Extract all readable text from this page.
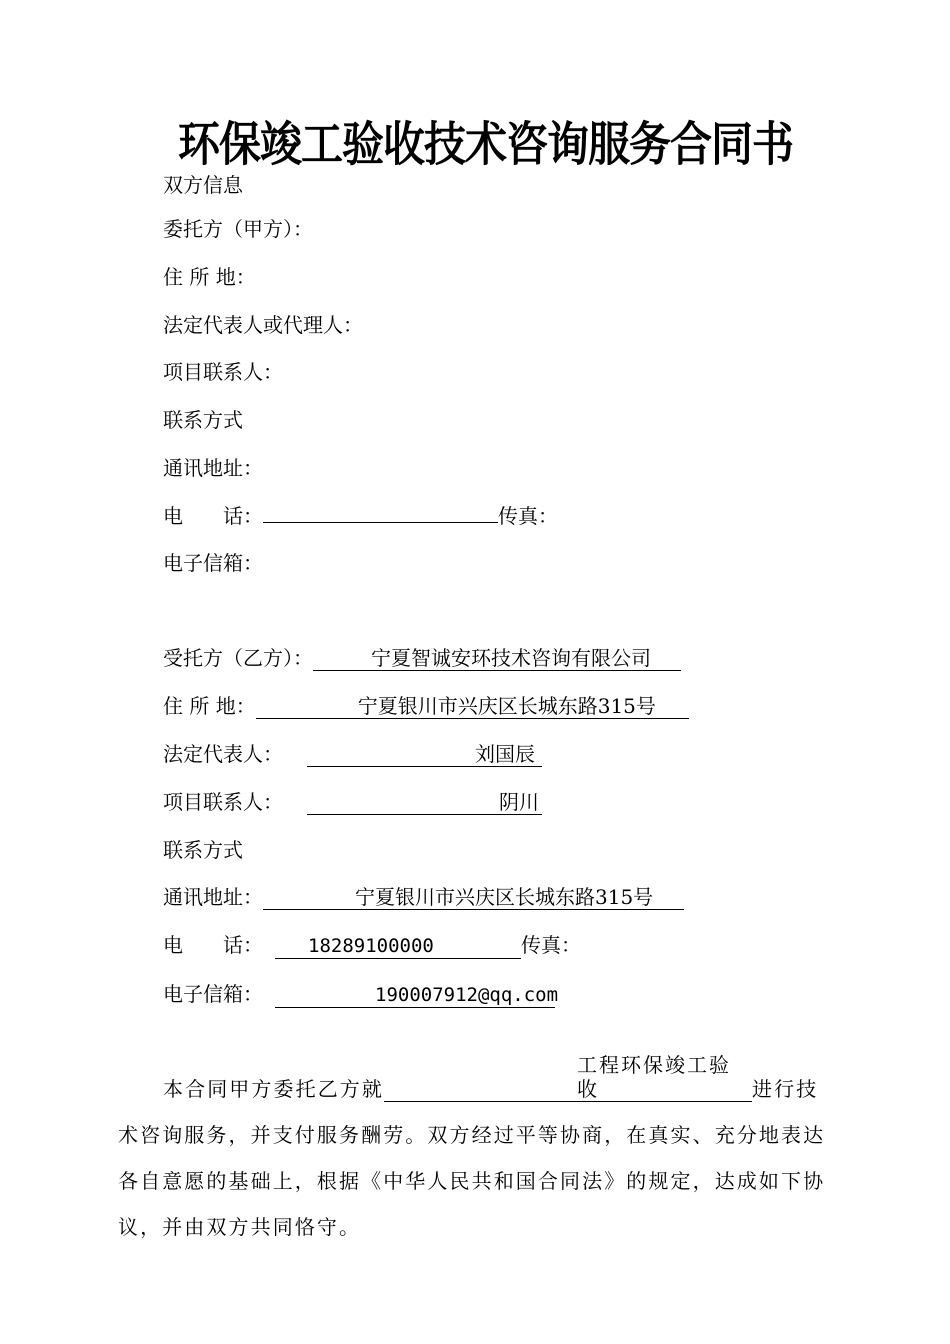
环保竣工验收技术咨询服务合同书
双方信息
委托方（甲方）：
住 所 地：
法定代表人或代理人：
项目联系人：
联系方式
通讯地址：
电　　话：	传真：
电子信箱：
受托方（乙方）：	宁夏智诚安环技术咨询有限公司
住 所 地：	宁夏银川市兴庆区长城东路315号
法定代表人：	刘国辰
项目联系人：	阴川
联系方式
通讯地址：	宁夏银川市兴庆区长城东路315号
电　　话： 18289100000	传真：
电子信箱：	190007912@qq.com
本合同甲方委托乙方就工程环保竣工验收	进行技术咨询服务，并支付服务酬劳。双方经过平等协商，在真实、充分地表达各自意愿的基础上，根据《中华人民共和国合同法》的规定，达成如下协议，并由双方共同恪守。
